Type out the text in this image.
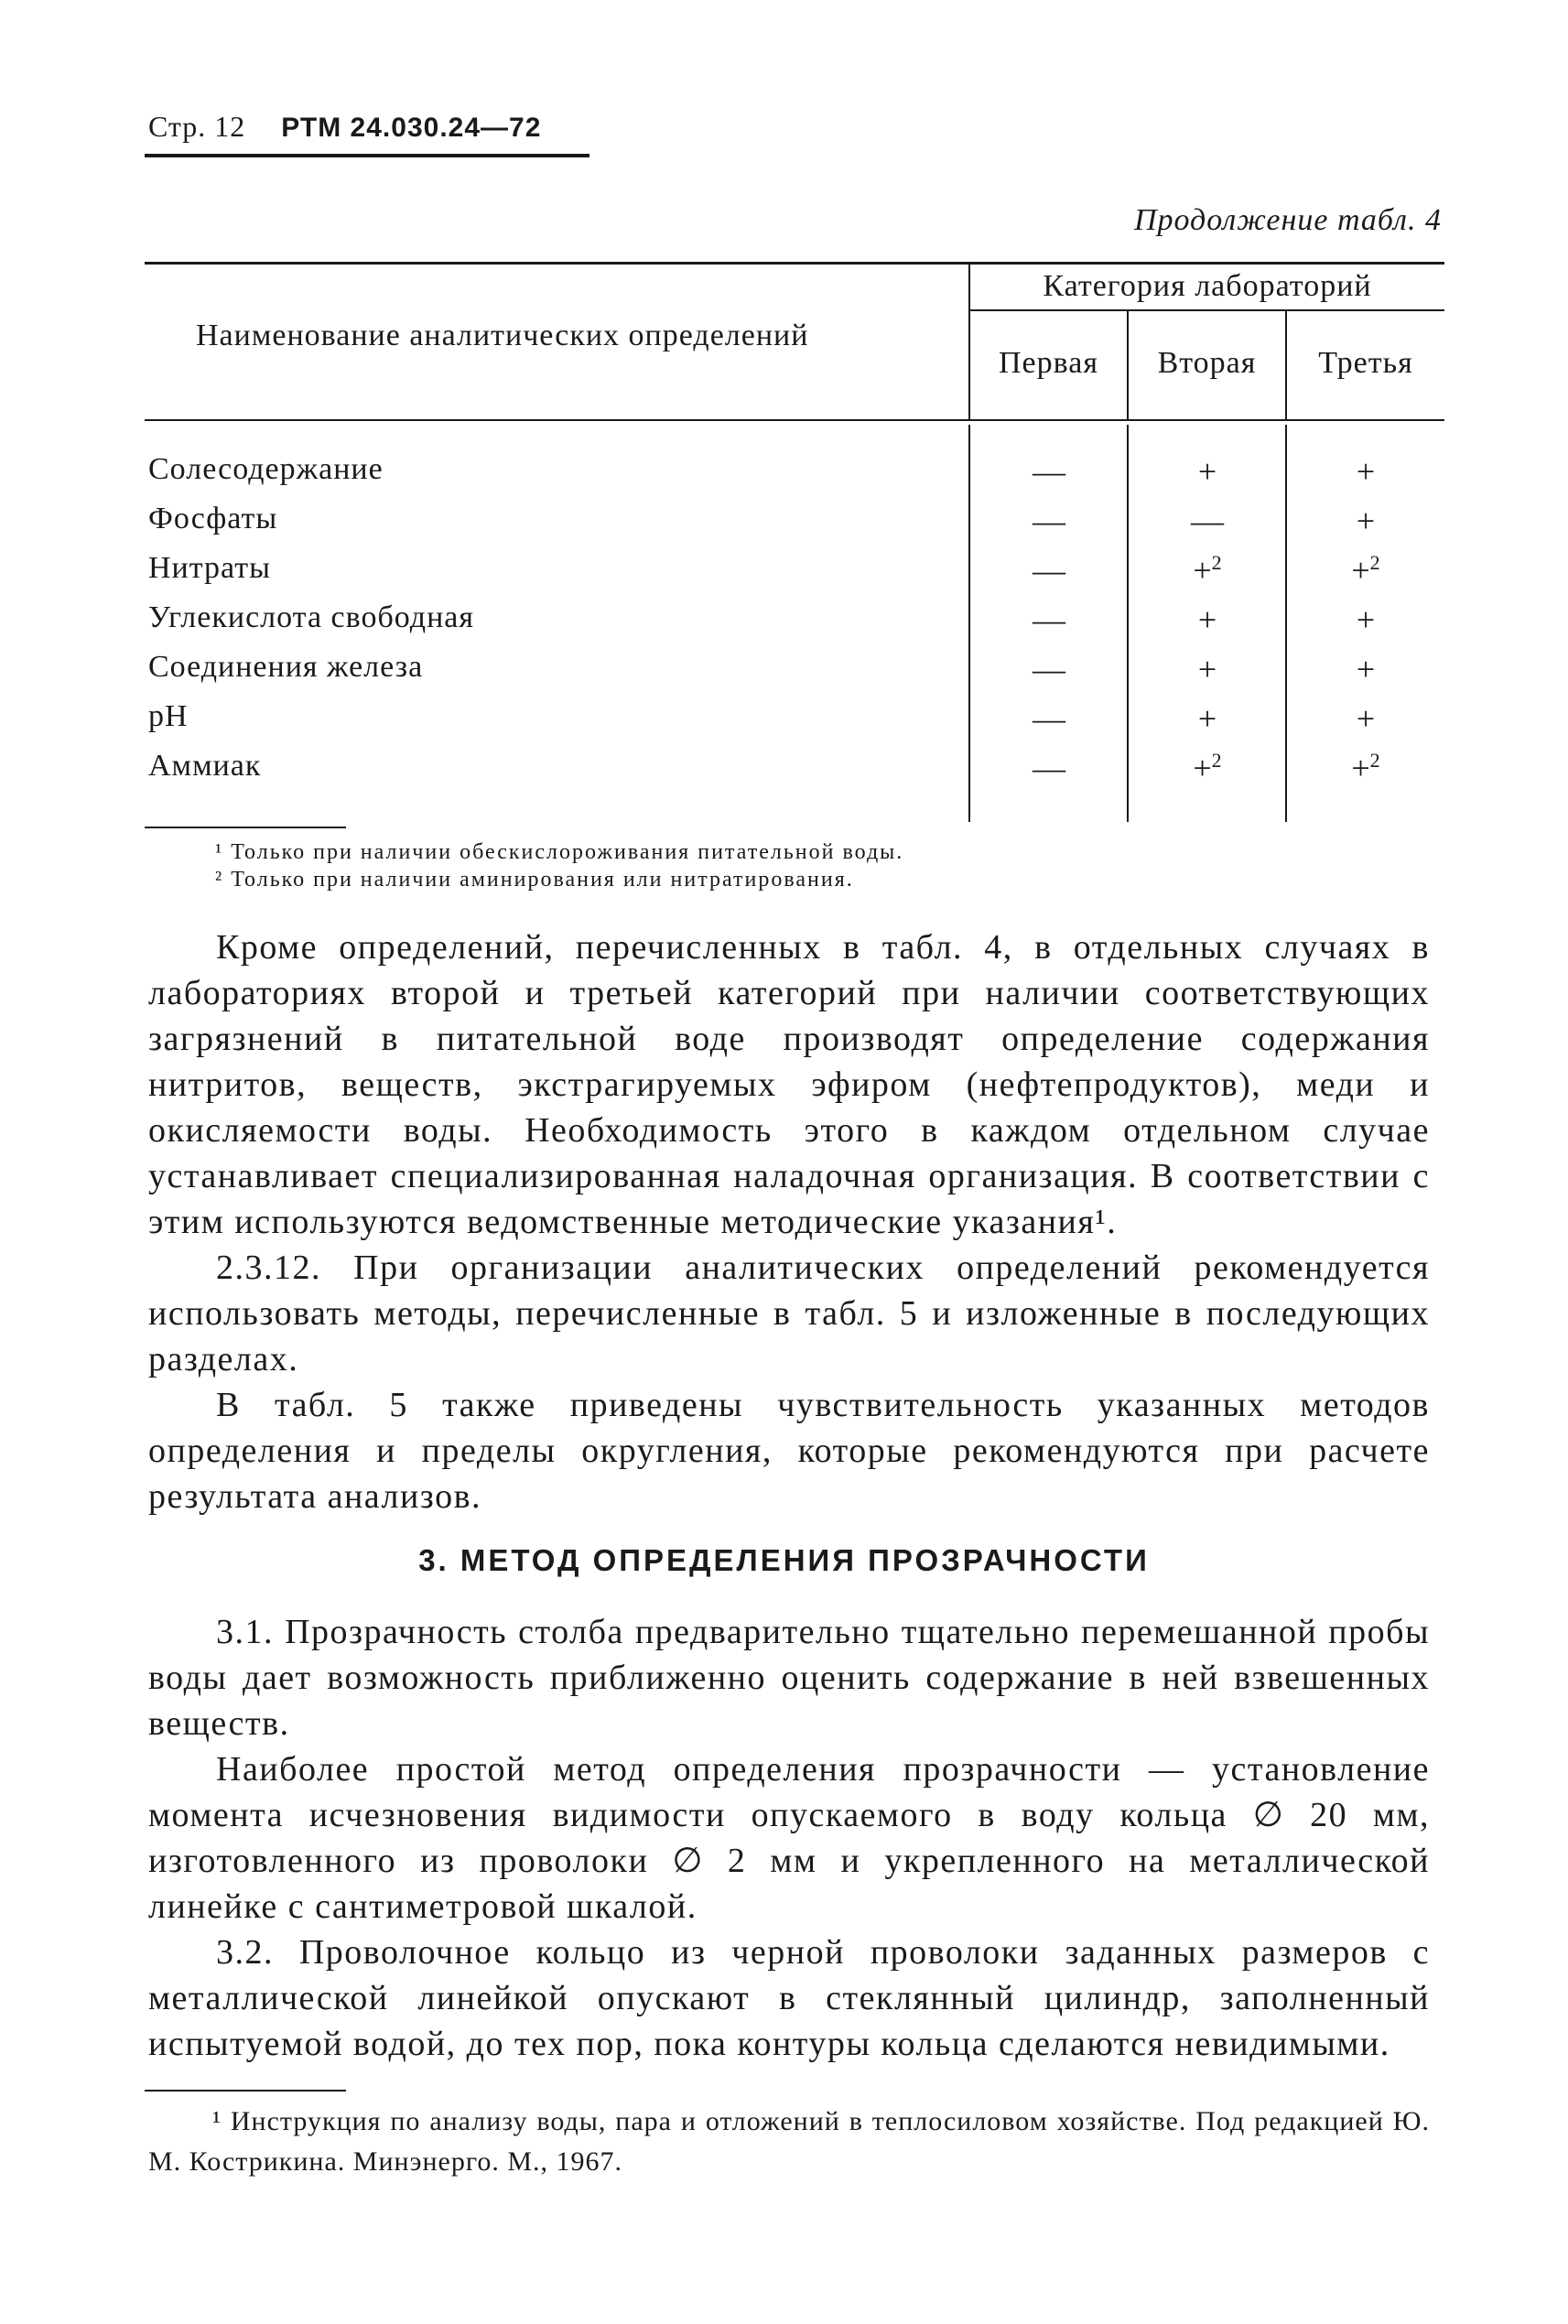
Стр. 12 РТМ 24.030.24—72
Продолжение табл. 4
Наименование аналитических определений
Категория лабораторий
Первая	Вторая	Третья
Солесодержание	—	+	+
Фосфаты	—	—	+
Нитраты	—	+$^2$	+$^2$
Углекислота свободная	—	+	+
Соединения железа	—	+	+
рН	—	+	+
Аммиак	—	+$^2$	+$^2$
¹ Только при наличии обескислороживания питательной воды.
² Только при наличии аминирования или нитратирования.

Кроме определений, перечисленных в табл. 4, в отдельных случаях в лабораториях второй и третьей категорий при наличии соответствующих загрязнений в питательной воде производят определение содержания нитритов, веществ, экстрагируемых эфиром (нефтепродуктов), меди и окисляемости воды. Необходимость этого в каждом отдельном случае устанавливает специализированная наладочная организация. В соответствии с этим используются ведомственные методические указания¹.

2.3.12. При организации аналитических определений рекомендуется использовать методы, перечисленные в табл. 5 и изложенные в последующих разделах.

В табл. 5 также приведены чувствительность указанных методов определения и пределы округления, которые рекомендуются при расчете результата анализов.

3. МЕТОД ОПРЕДЕЛЕНИЯ ПРОЗРАЧНОСТИ

3.1. Прозрачность столба предварительно тщательно перемешанной пробы воды дает возможность приближенно оценить содержание в ней взвешенных веществ.

Наиболее простой метод определения прозрачности — установление момента исчезновения видимости опускаемого в воду кольца ∅ 20 мм, изготовленного из проволоки ∅ 2 мм и укрепленного на металлической линейке с сантиметровой шкалой.

3.2. Проволочное кольцо из черной проволоки заданных размеров с металлической линейкой опускают в стеклянный цилиндр, заполненный испытуемой водой, до тех пор, пока контуры кольца сделаются невидимыми.

¹ Инструкция по анализу воды, пара и отложений в теплосиловом хозяйстве. Под редакцией Ю. М. Кострикина. Минэнерго. М., 1967.
